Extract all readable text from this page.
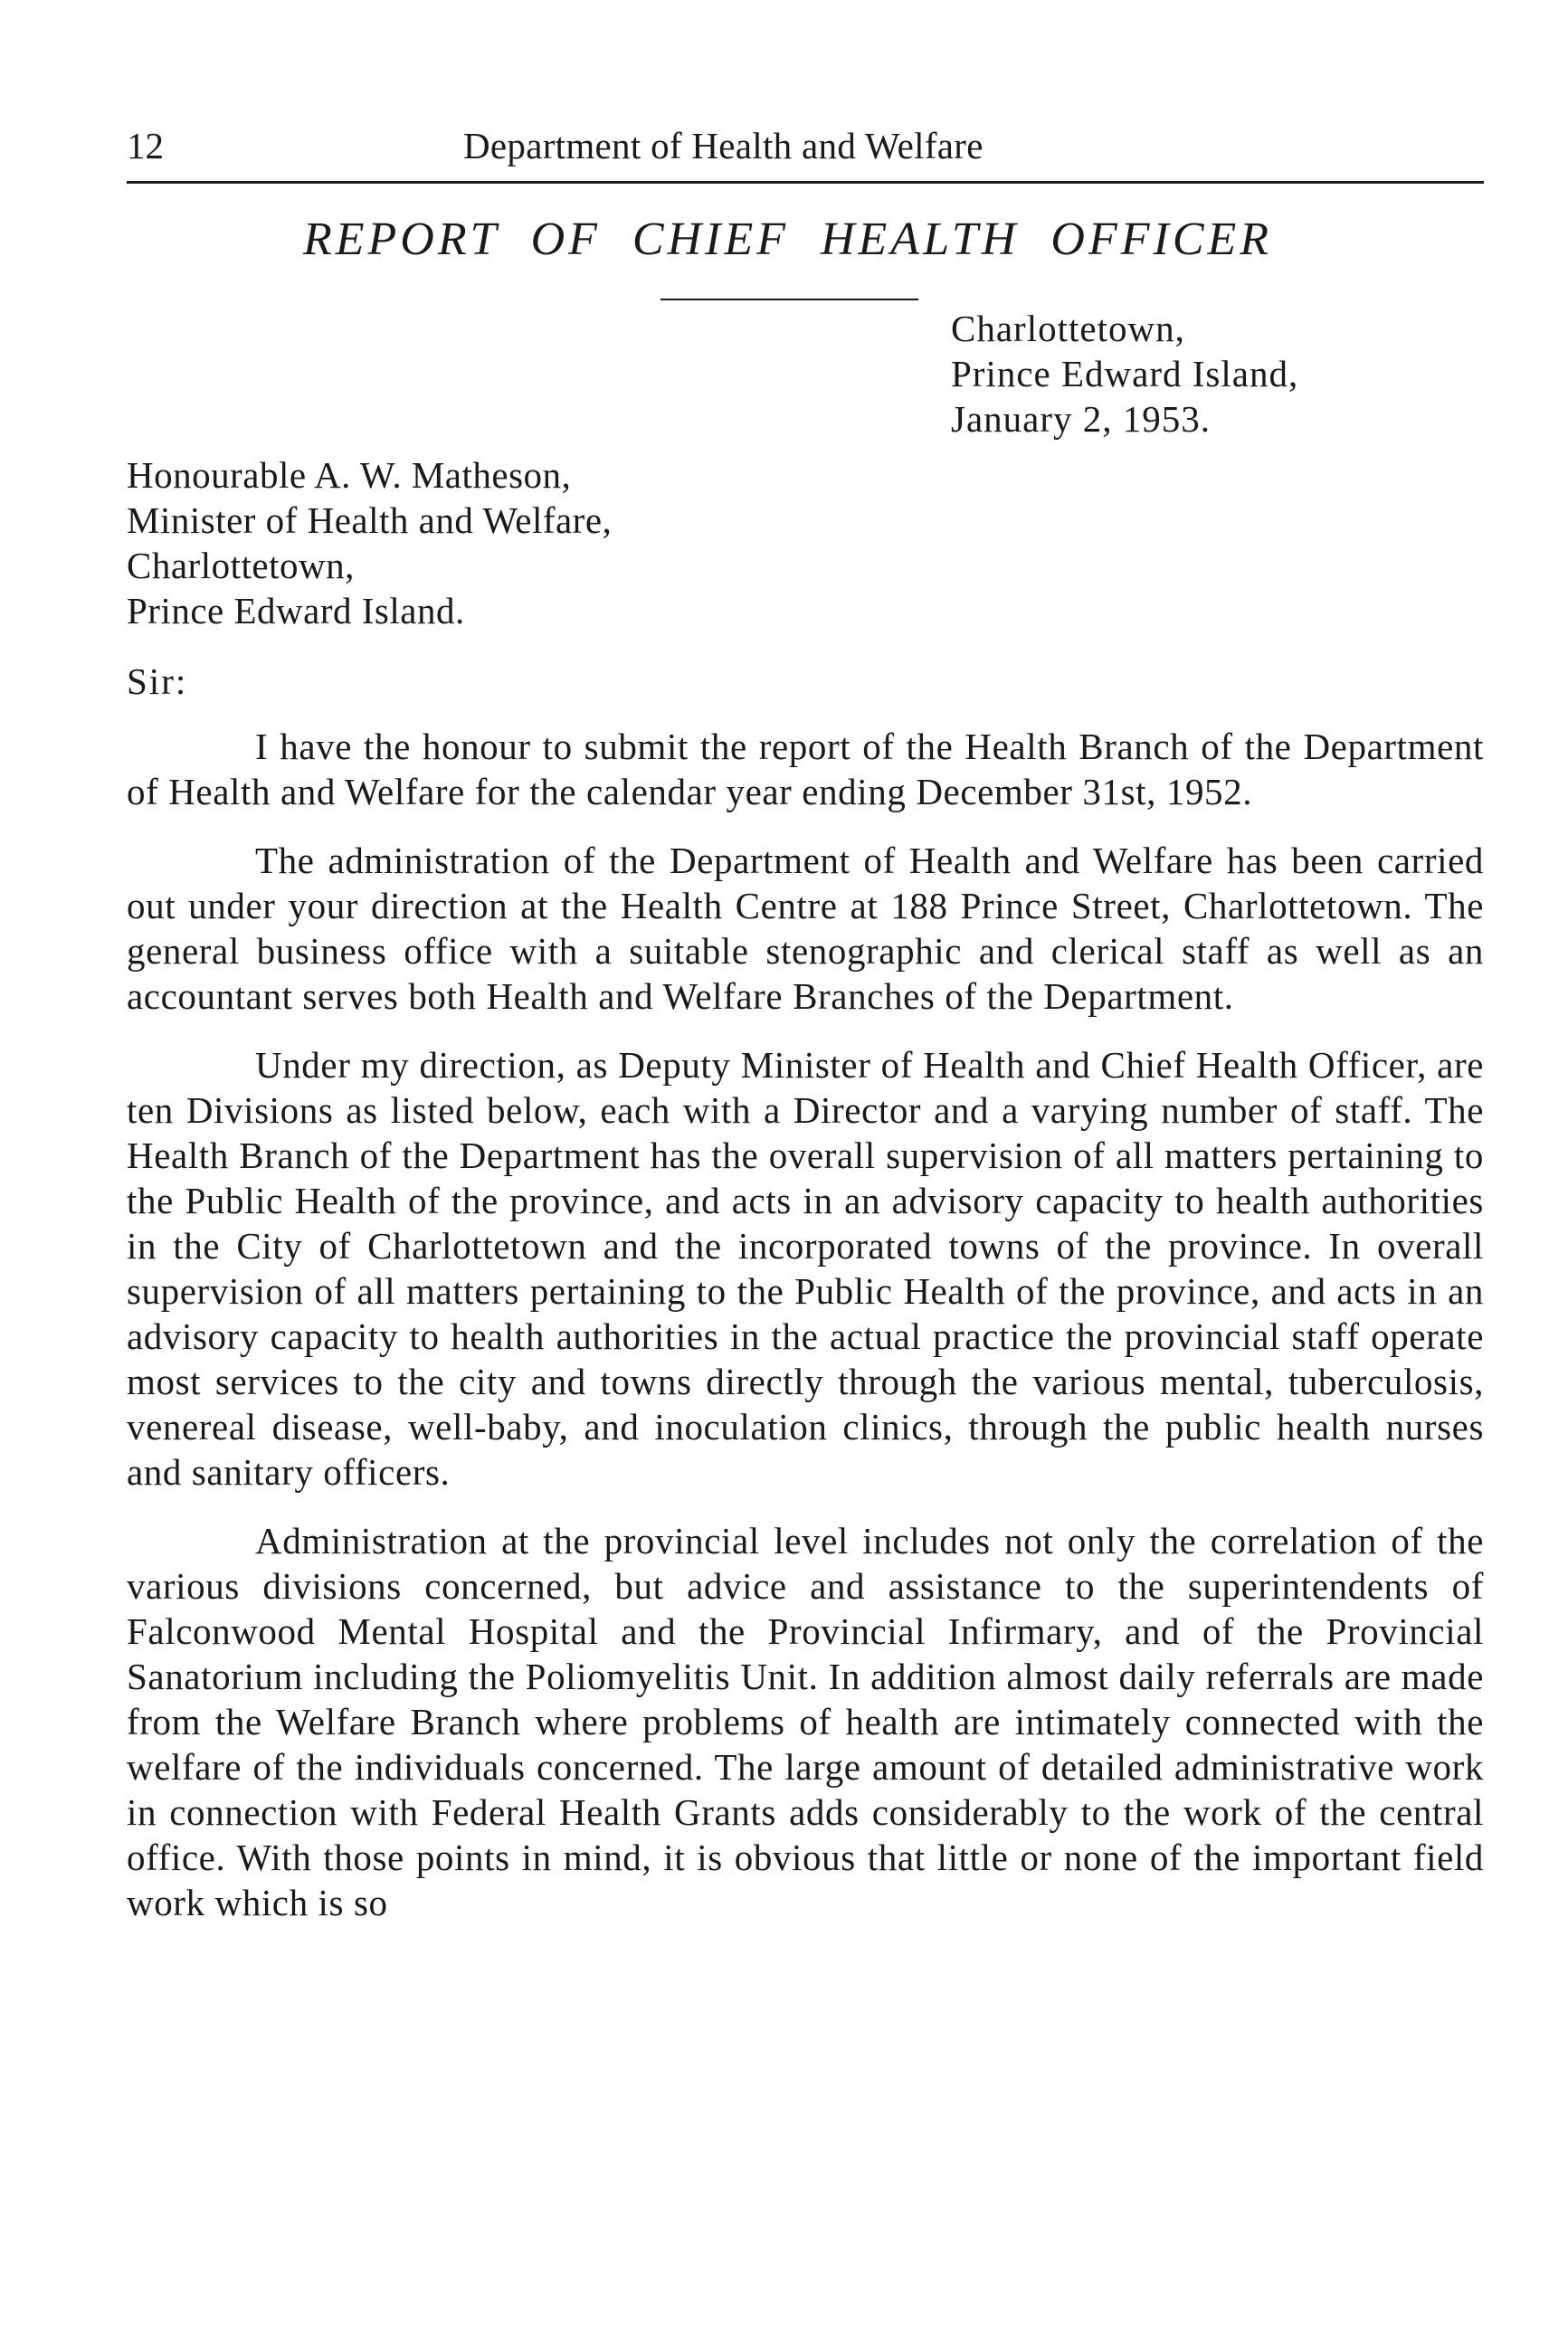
12	Department of Health and Welfare
REPORT OF CHIEF HEALTH OFFICER
Charlottetown,
Prince Edward Island,
January 2, 1953.
Honourable A. W. Matheson,
Minister of Health and Welfare,
Charlottetown,
Prince Edward Island.
Sir:

I have the honour to submit the report of the Health Branch of the Department of Health and Welfare for the calendar year ending December 31st, 1952.

The administration of the Department of Health and Welfare has been carried out under your direction at the Health Centre at 188 Prince Street, Charlottetown. The general business office with a suitable stenographic and clerical staff as well as an accountant serves both Health and Welfare Branches of the Department.

Under my direction, as Deputy Minister of Health and Chief Health Officer, are ten Divisions as listed below, each with a Director and a varying number of staff. The Health Branch of the Department has the overall supervision of all matters pertaining to the Public Health of the province, and acts in an advisory capacity to health authorities in the City of Charlottetown and the incorporated towns of the province. In overall supervision of all matters pertaining to the Public Health of the province, and acts in an advisory capacity to health authorities in the actual practice the provincial staff operate most services to the city and towns directly through the various mental, tuberculosis, venereal disease, well-baby, and inoculation clinics, through the public health nurses and sanitary officers.

Administration at the provincial level includes not only the correlation of the various divisions concerned, but advice and assistance to the superintendents of Falconwood Mental Hospital and the Provincial Infirmary, and of the Provincial Sanatorium including the Poliomyelitis Unit. In addition almost daily referrals are made from the Welfare Branch where problems of health are intimately connected with the welfare of the individuals concerned. The large amount of detailed administrative work in connection with Federal Health Grants adds considerably to the work of the central office. With those points in mind, it is obvious that little or none of the important field work which is so
